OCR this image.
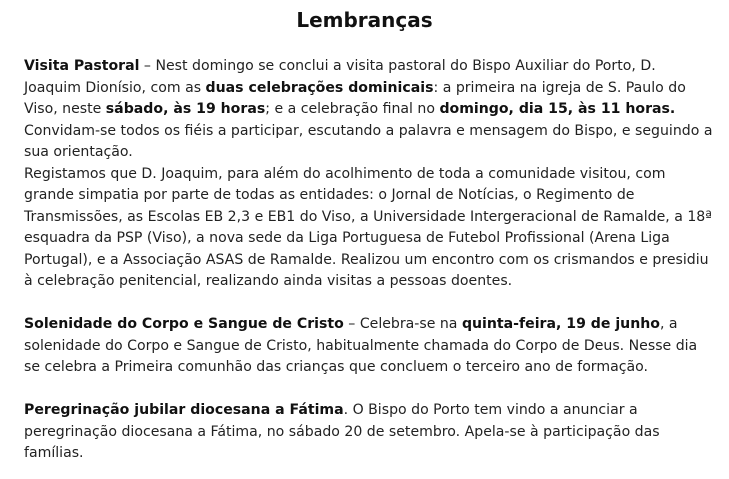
Lembranças

Visita Pastoral – Nest domingo se conclui a visita pastoral do Bispo Auxiliar do Porto, D. Joaquim Dionísio, com as duas celebrações dominicais: a primeira na igreja de S. Paulo do Viso, neste sábado, às 19 horas; e a celebração final no domingo, dia 15, às 11 horas. Convidam-se todos os fiéis a participar, escutando a palavra e mensagem do Bispo, e seguindo a sua orientação.

Registamos que D. Joaquim, para além do acolhimento de toda a comunidade visitou, com grande simpatia por parte de todas as entidades: o Jornal de Notícias, o Regimento de Transmissões, as Escolas EB 2,3 e EB1 do Viso, a Universidade Intergeracional de Ramalde, a 18ª esquadra da PSP (Viso), a nova sede da Liga Portuguesa de Futebol Profissional (Arena Liga Portugal), e a Associação ASAS de Ramalde. Realizou um encontro com os crismandos e presidiu à celebração penitencial, realizando ainda visitas a pessoas doentes.

Solenidade do Corpo e Sangue de Cristo – Celebra-se na quinta-feira, 19 de junho, a solenidade do Corpo e Sangue de Cristo, habitualmente chamada do Corpo de Deus. Nesse dia se celebra a Primeira comunhão das crianças que concluem o terceiro ano de formação.

Peregrinação jubilar diocesana a Fátima. O Bispo do Porto tem vindo a anunciar a peregrinação diocesana a Fátima, no sábado 20 de setembro. Apela-se à participação das famílias.
